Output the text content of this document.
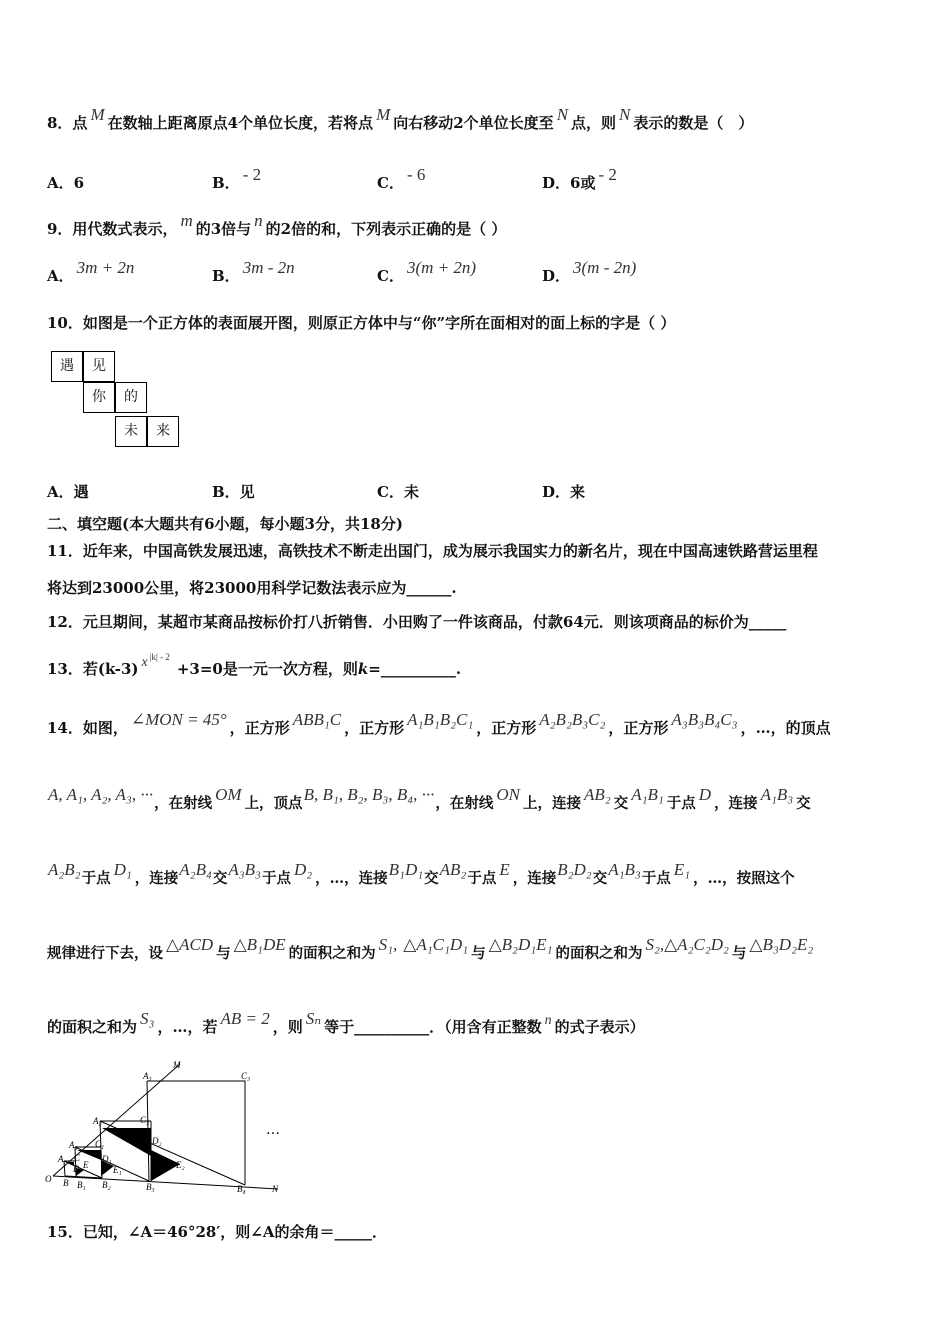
8．点 M 在数轴上距离原点4个单位长度，若将点 M 向右移动2个单位长度至 N 点，则 N 表示的数是（　）
A．6	B． - 2	C． - 6	D．6或 - 2
9．用代数式表示， m 的3倍与 n 的2倍的和，下列表示正确的是（ ）
A． 3m + 2n	B． 3m - 2n	C． 3(m + 2n)	D． 3(m - 2n)
10．如图是一个正方体的表面展开图，则原正方体中与“你”字所在面相对的面上标的字是（ ）
遇	见
你	的
未	来
A．遇	B．见	C．未	D．来
二、填空题(本大题共有6小题，每小题3分，共18分)
11．近年来，中国高铁发展迅速，高铁技术不断走出国门，成为展示我国实力的新名片，现在中国高速铁路营运里程
将达到23000公里，将23000用科学记数法表示应为______.
12．元旦期间，某超市某商品按标价打八折销售．小田购了一件该商品，付款64元．则该项商品的标价为_____
13．若(k-3) x $^{|k| - 2}$+3=0是一元一次方程，则k=__________.
14．如图， ∠MON = 45° ，正方形 ABB₁C ，正方形 A₁B₁B₂C₁ ，正方形 A₂B₂B₃C₂ ，正方形 A₃B₃B₄C₃ ，…，的顶点
A, A₁, A₂, A₃, ···，在射线 OM 上，顶点B, B₁, B₂, B₃, B₄, ···，在射线 ON 上，连接 AB₂ 交 A₁B₁ 于点 D ，连接 A₁B₃ 交
A₂B₂于点 D₁ ，连接A₂B₄交A₃B₃于点 D₂ ，…，连接B₁D₁交AB₂于点 E ，连接B₂D₂交A₁B₃于点 E₁ ，…，按照这个
规律进行下去，设 △ACD 与 △B₁DE 的面积之和为 S₁, △A₁C₁D₁ 与 △B₂D₁E₁ 的面积之和为 S₂,△A₂C₂D₂ 与 △B₃D₂E₂
的面积之和为 S₃ ，…，若 AB = 2 ，则 Sₙ 等于__________．（用含有正整数 n 的式子表示）
M
N
O
A
A₁
A₂
A₃
B B₁ B₂	B₃	B₄
C
C₁
C₂
C₃
D
D₁
D₂
E	E₁	E₂
…
15．已知，∠A＝46°28′，则∠A的余角＝_____．
